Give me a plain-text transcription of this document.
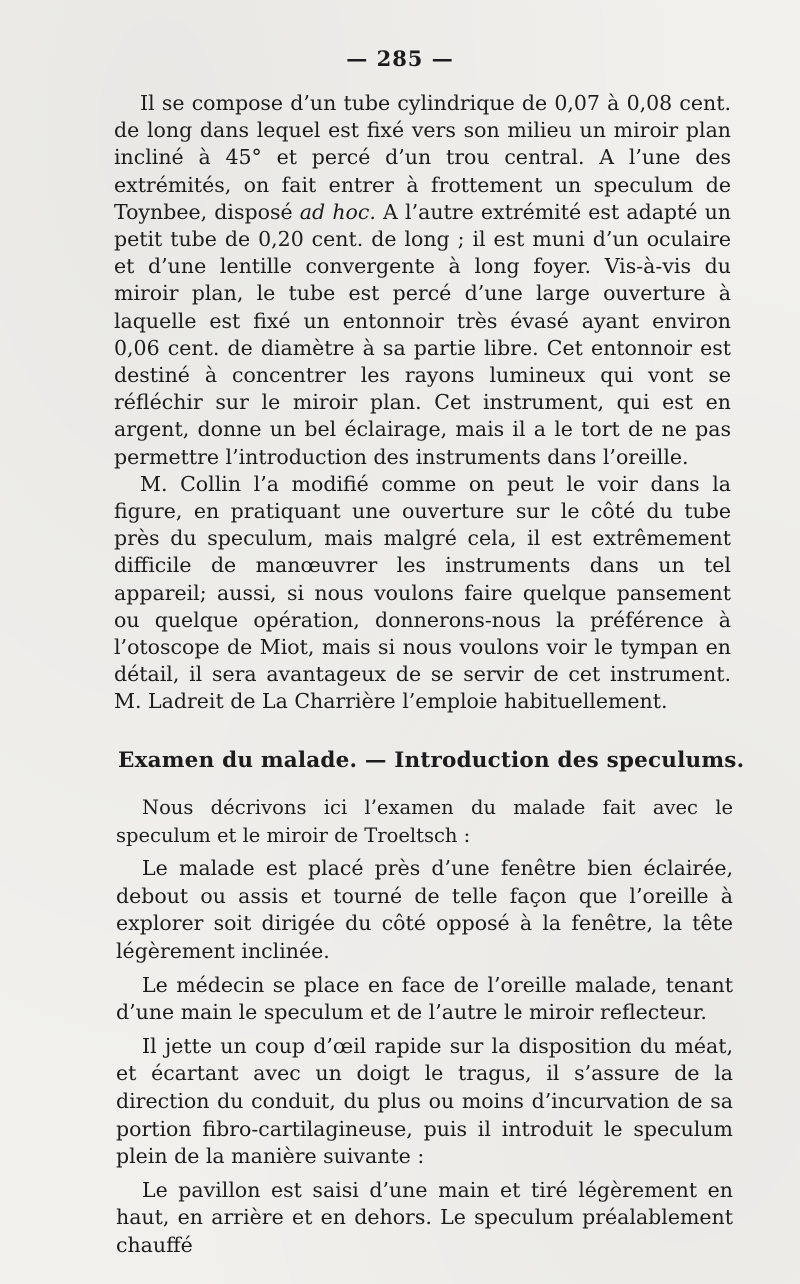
— 285 —

Il se compose d’un tube cylindrique de 0,07 à 0,08 cent. de long dans lequel est fixé vers son milieu un miroir plan incliné à 45° et percé d’un trou central. A l’une des extrémités, on fait entrer à frottement un speculum de Toynbee, disposé ad hoc. A l’autre extrémité est adapté un petit tube de 0,20 cent. de long ; il est muni d’un oculaire et d’une lentille convergente à long foyer. Vis-à-vis du miroir plan, le tube est percé d’une large ouverture à laquelle est fixé un entonnoir très évasé ayant environ 0,06 cent. de diamètre à sa partie libre. Cet entonnoir est destiné à concentrer les rayons lumineux qui vont se réfléchir sur le miroir plan. Cet instrument, qui est en argent, donne un bel éclairage, mais il a le tort de ne pas permettre l’introduction des instruments dans l’oreille.

M. Collin l’a modifié comme on peut le voir dans la figure, en pratiquant une ouverture sur le côté du tube près du speculum, mais malgré cela, il est extrêmement difficile de manœuvrer les instruments dans un tel appareil; aussi, si nous voulons faire quelque pansement ou quelque opération, donnerons-nous la préférence à l’otoscope de Miot, mais si nous voulons voir le tympan en détail, il sera avantageux de se servir de cet instrument. M. Ladreit de La Charrière l’emploie habituellement.

Examen du malade. — Introduction des speculums.

Nous décrivons ici l’examen du malade fait avec le speculum et le miroir de Troeltsch :

Le malade est placé près d’une fenêtre bien éclairée, debout ou assis et tourné de telle façon que l’oreille à explorer soit dirigée du côté opposé à la fenêtre, la tête légèrement inclinée.

Le médecin se place en face de l’oreille malade, tenant d’une main le speculum et de l’autre le miroir reflecteur.

Il jette un coup d’œil rapide sur la disposition du méat, et écartant avec un doigt le tragus, il s’assure de la direction du conduit, du plus ou moins d’incurvation de sa portion fibro-cartilagineuse, puis il introduit le speculum plein de la manière suivante :

Le pavillon est saisi d’une main et tiré légèrement en haut, en arrière et en dehors. Le speculum préalablement chauffé
